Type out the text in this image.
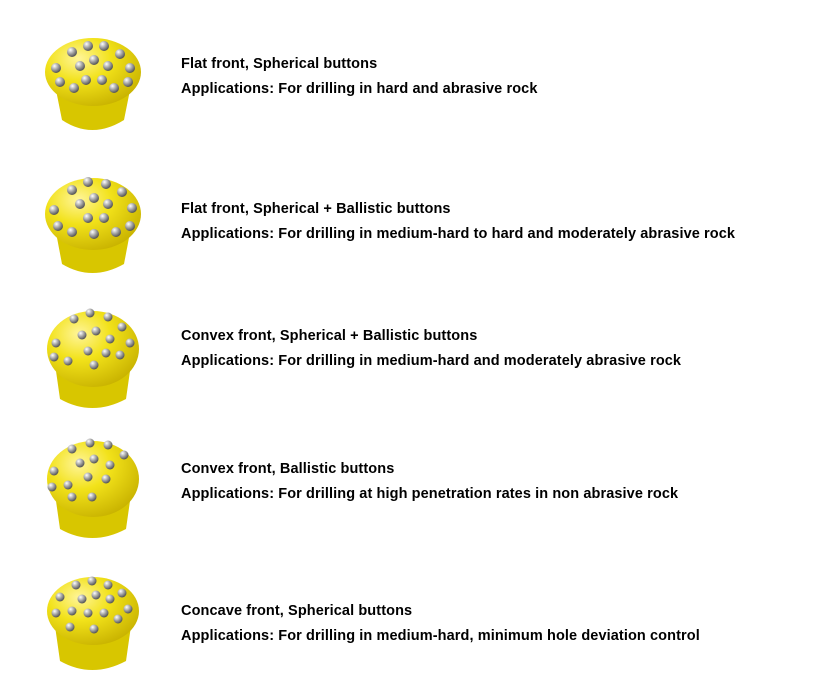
Flat front, Spherical buttons
Applications: For drilling in hard and abrasive rock
Flat front, Spherical + Ballistic buttons
Applications: For drilling in medium-hard to hard and moderately abrasive rock
Convex front, Spherical + Ballistic buttons
Applications: For drilling in medium-hard and moderately abrasive rock
Convex front, Ballistic buttons
Applications: For drilling at high penetration rates in non abrasive rock
Concave front, Spherical buttons
Applications: For drilling in medium-hard, minimum hole deviation control
